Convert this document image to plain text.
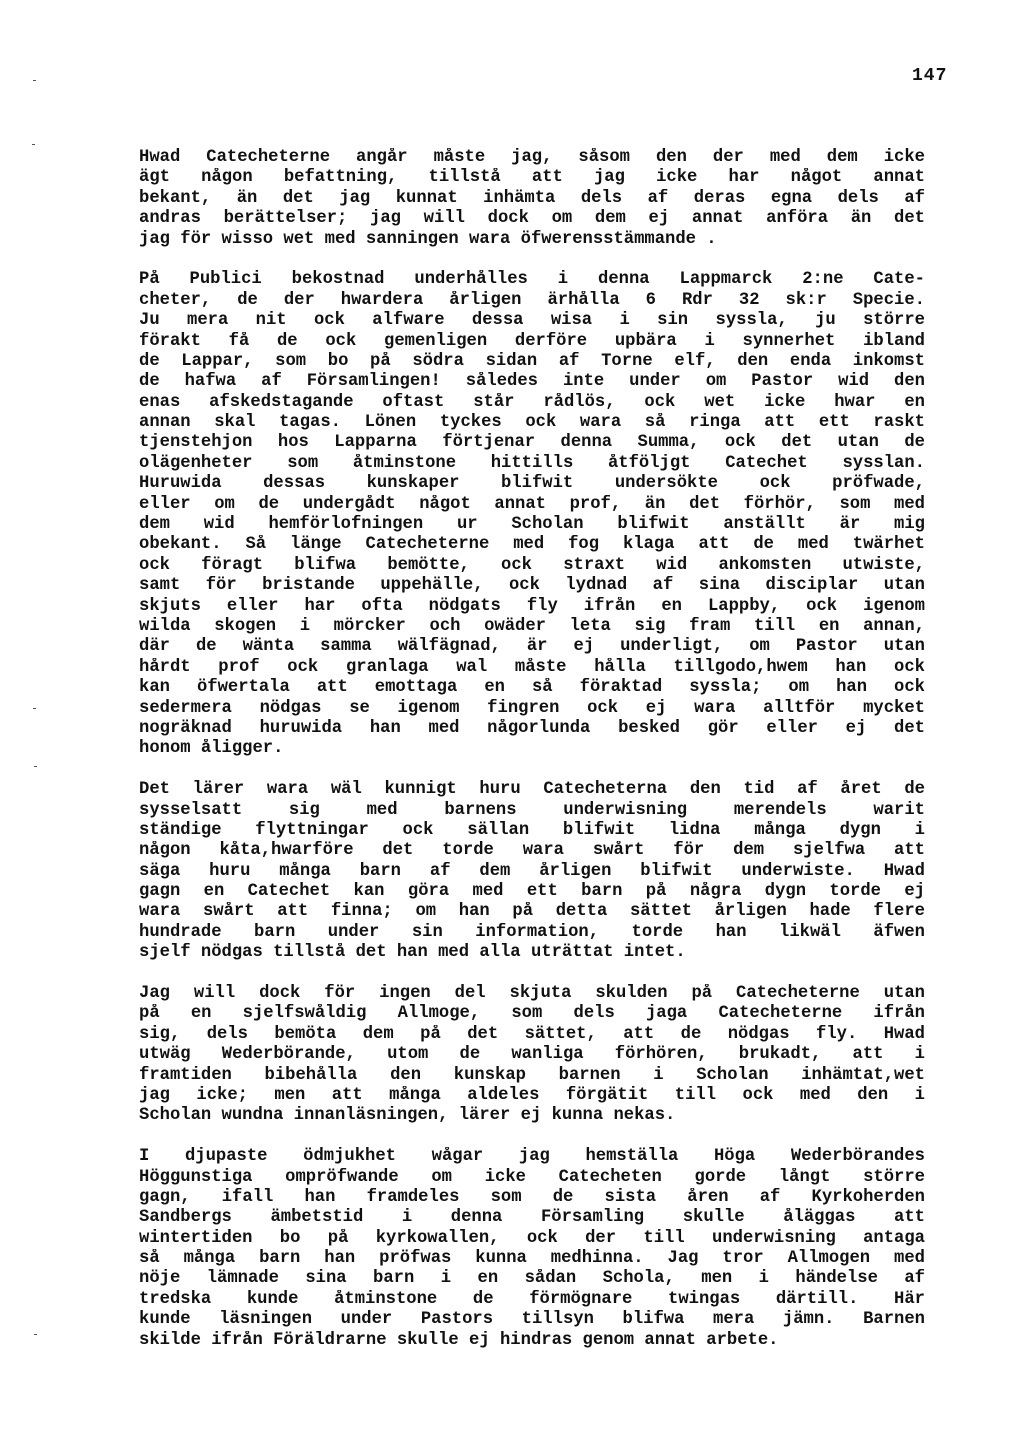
147
Hwad Catecheterne angår måste jag, såsom den der med dem icke
ägt någon befattning, tillstå att jag icke har något annat
bekant, än det jag kunnat inhämta dels af deras egna dels af
andras berättelser; jag will dock om dem ej annat anföra än det
jag för wisso wet med sanningen wara öfwerensstämmande .
På Publici bekostnad underhålles i denna Lappmarck 2:ne Cate-
cheter, de der hwardera årligen ärhålla 6 Rdr 32 sk:r Specie.
Ju mera nit ock alfware dessa wisa i sin syssla, ju större
förakt få de ock gemenligen derföre upbära i synnerhet ibland
de Lappar, som bo på södra sidan af Torne elf, den enda inkomst
de hafwa af Församlingen! således inte under om Pastor wid den
enas afskedstagande oftast står rådlös, ock wet icke hwar en
annan skal tagas. Lönen tyckes ock wara så ringa att ett raskt
tjenstehjon hos Lapparna förtjenar denna Summa, ock det utan de
olägenheter som åtminstone hittills åtföljgt Catechet sysslan.
Huruwida dessas kunskaper blifwit undersökte ock pröfwade,
eller om de undergådt något annat prof, än det förhör, som med
dem wid hemförlofningen ur Scholan blifwit anställt är mig
obekant. Så länge Catecheterne med fog klaga att de med twärhet
ock föragt blifwa bemötte, ock straxt wid ankomsten utwiste,
samt för bristande uppehälle, ock lydnad af sina disciplar utan
skjuts eller har ofta nödgats fly ifrån en Lappby, ock igenom
wilda skogen i mörcker och owäder leta sig fram till en annan,
där de wänta samma wälfägnad, är ej underligt, om Pastor utan
hårdt prof ock granlaga wal måste hålla tillgodo,hwem han ock
kan öfwertala att emottaga en så föraktad syssla; om han ock
sedermera nödgas se igenom fingren ock ej wara alltför mycket
nogräknad huruwida han med någorlunda besked gör eller ej det
honom åligger.
Det lärer wara wäl kunnigt huru Catecheterna den tid af året de
sysselsatt sig med barnens underwisning merendels warit
ständige flyttningar ock sällan blifwit lidna många dygn i
någon kåta,hwarföre det torde wara swårt för dem sjelfwa att
säga huru många barn af dem årligen blifwit underwiste. Hwad
gagn en Catechet kan göra med ett barn på några dygn torde ej
wara swårt att finna; om han på detta sättet årligen hade flere
hundrade barn under sin information, torde han likwäl äfwen
sjelf nödgas tillstå det han med alla uträttat intet.
Jag will dock för ingen del skjuta skulden på Catecheterne utan
på en sjelfswåldig Allmoge, som dels jaga Catecheterne ifrån
sig, dels bemöta dem på det sättet, att de nödgas fly. Hwad
utwäg Wederbörande, utom de wanliga förhören, brukadt, att i
framtiden bibehålla den kunskap barnen i Scholan inhämtat,wet
jag icke; men att många aldeles förgätit till ock med den i
Scholan wundna innanläsningen, lärer ej kunna nekas.
I djupaste ödmjukhet wågar jag hemställa Höga Wederbörandes
Höggunstiga ompröfwande om icke Catecheten gorde långt större
gagn, ifall han framdeles som de sista åren af Kyrkoherden
Sandbergs ämbetstid i denna Församling skulle åläggas att
wintertiden bo på kyrkowallen, ock der till underwisning antaga
så många barn han pröfwas kunna medhinna. Jag tror Allmogen med
nöje lämnade sina barn i en sådan Schola, men i händelse af
tredska kunde åtminstone de förmögnare twingas därtill. Här
kunde läsningen under Pastors tillsyn blifwa mera jämn. Barnen
skilde ifrån Föräldrarne skulle ej hindras genom annat arbete.
